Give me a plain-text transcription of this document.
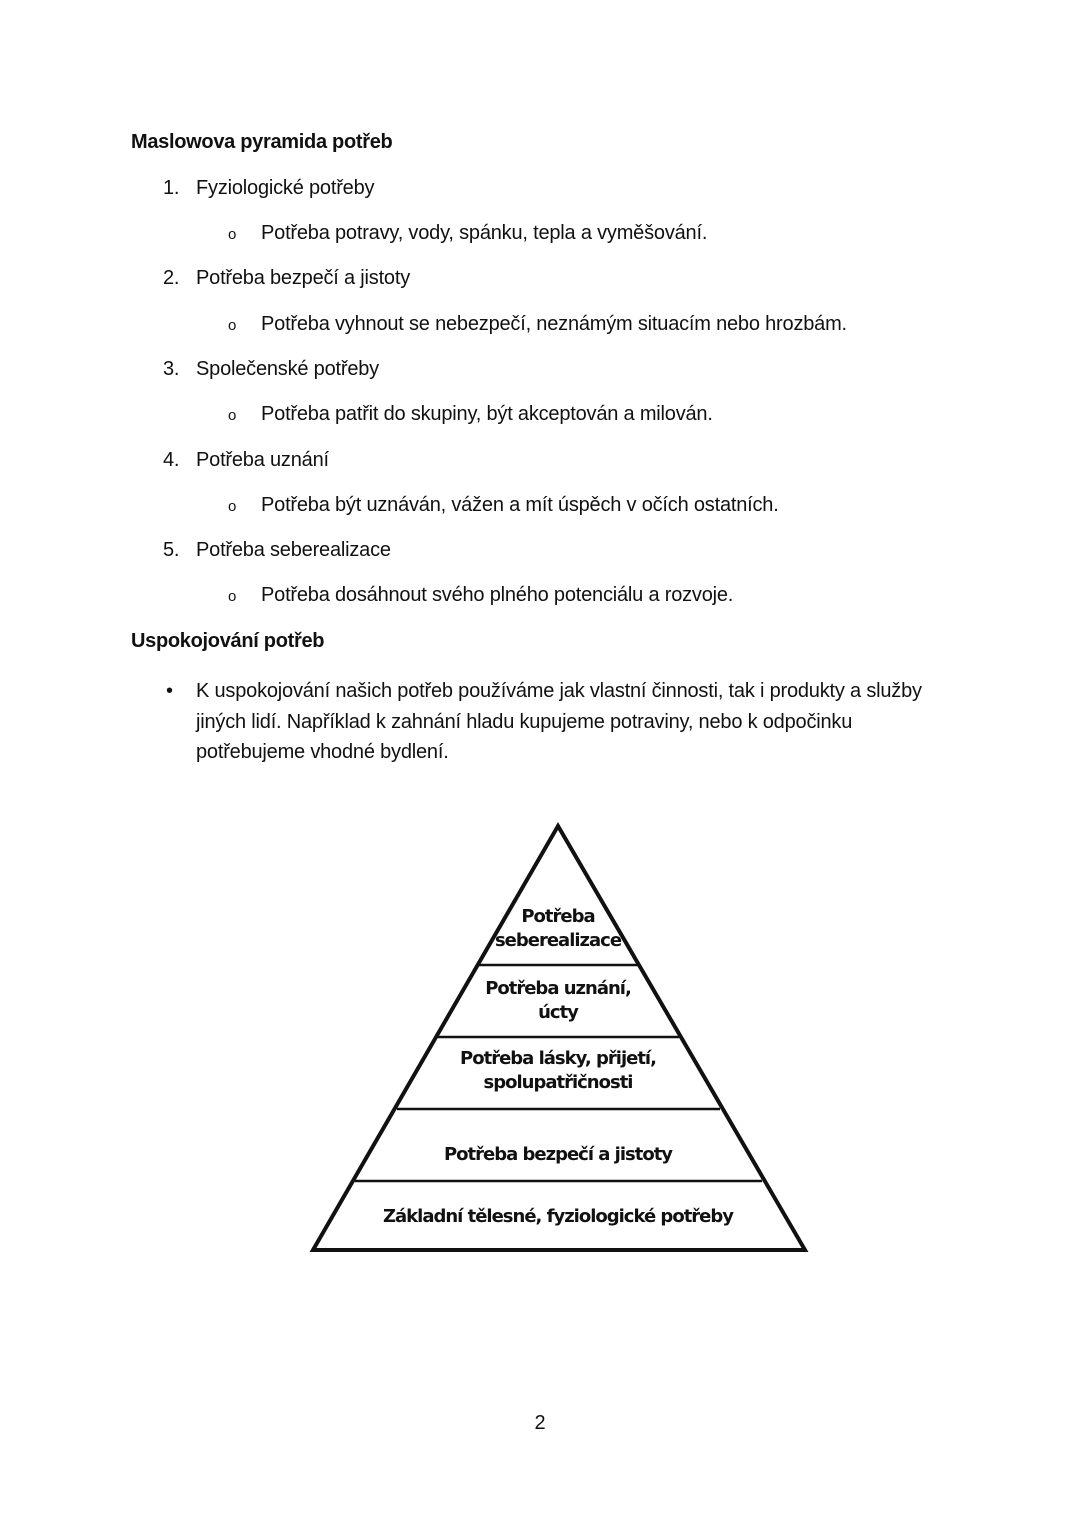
Maslowova pyramida potřeb
1. Fyziologické potřeby
o Potřeba potravy, vody, spánku, tepla a vyměšování.
2. Potřeba bezpečí a jistoty
o Potřeba vyhnout se nebezpečí, neznámým situacím nebo hrozbám.
3. Společenské potřeby
o Potřeba patřit do skupiny, být akceptován a milován.
4. Potřeba uznání
o Potřeba být uznáván, vážen a mít úspěch v očích ostatních.
5. Potřeba seberealizace
o Potřeba dosáhnout svého plného potenciálu a rozvoje.
Uspokojování potřeb
• K uspokojování našich potřeb používáme jak vlastní činnosti, tak i produkty a služby jiných lidí. Například k zahnání hladu kupujeme potraviny, nebo k odpočinku potřebujeme vhodné bydlení.
Potřeba
seberealizace
Potřeba uznání,
úcty
Potřeba lásky, přijetí,
spolupatřičnosti
Potřeba bezpečí a jistoty
Základní tělesné, fyziologické potřeby
2
